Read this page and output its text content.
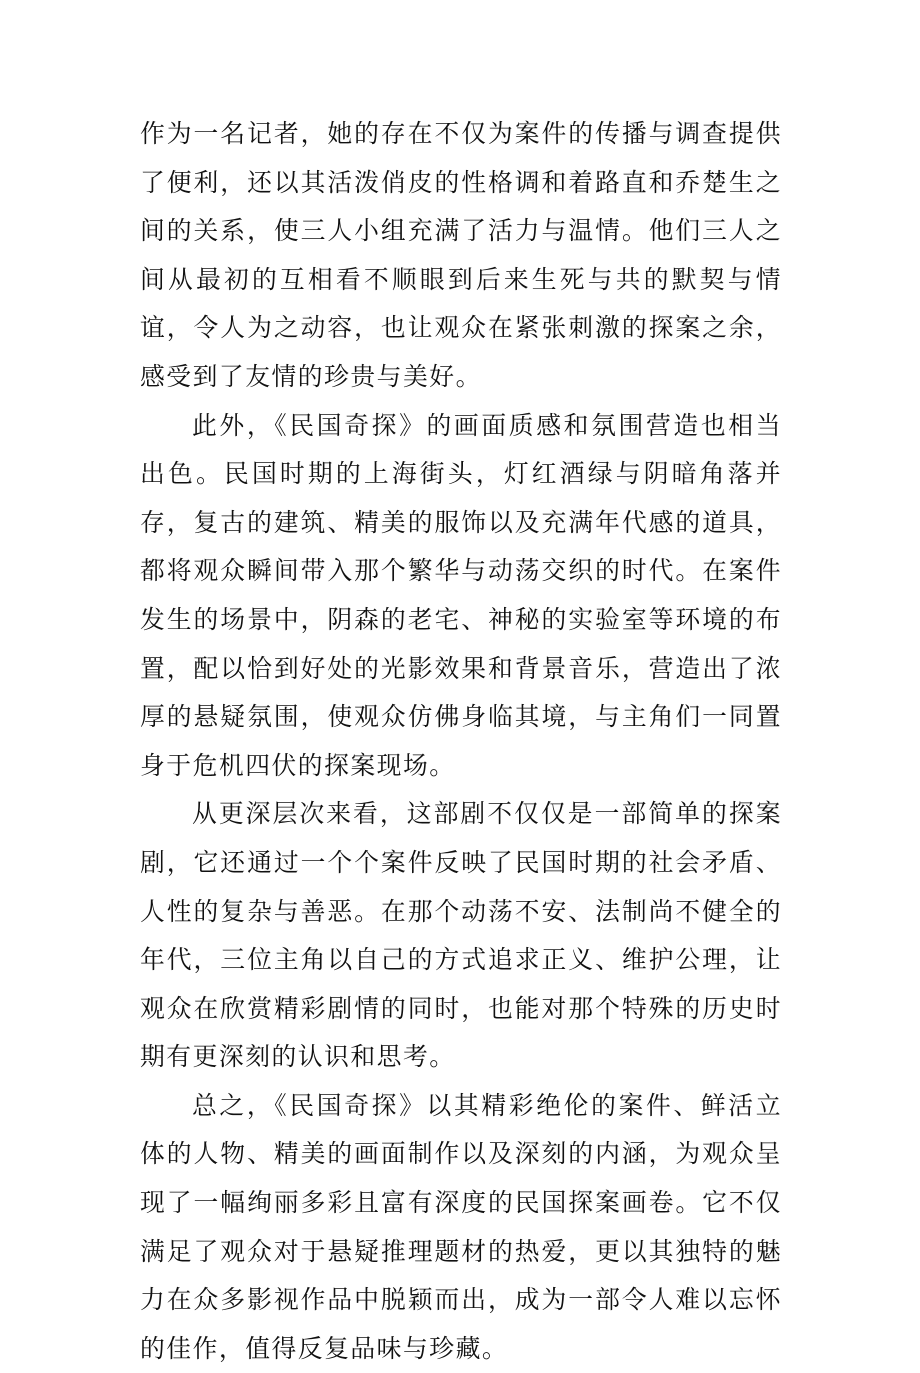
作为一名记者，她的存在不仅为案件的传播与调查提供了便利，还以其活泼俏皮的性格调和着路直和乔楚生之间的关系，使三人小组充满了活力与温情。他们三人之间从最初的互相看不顺眼到后来生死与共的默契与情谊，令人为之动容，也让观众在紧张刺激的探案之余，感受到了友情的珍贵与美好。

此外，《民国奇探》的画面质感和氛围营造也相当出色。民国时期的上海街头，灯红酒绿与阴暗角落并存，复古的建筑、精美的服饰以及充满年代感的道具，都将观众瞬间带入那个繁华与动荡交织的时代。在案件发生的场景中，阴森的老宅、神秘的实验室等环境的布置，配以恰到好处的光影效果和背景音乐，营造出了浓厚的悬疑氛围，使观众仿佛身临其境，与主角们一同置身于危机四伏的探案现场。

从更深层次来看，这部剧不仅仅是一部简单的探案剧，它还通过一个个案件反映了民国时期的社会矛盾、人性的复杂与善恶。在那个动荡不安、法制尚不健全的年代，三位主角以自己的方式追求正义、维护公理，让观众在欣赏精彩剧情的同时，也能对那个特殊的历史时期有更深刻的认识和思考。

总之，《民国奇探》以其精彩绝伦的案件、鲜活立体的人物、精美的画面制作以及深刻的内涵，为观众呈现了一幅绚丽多彩且富有深度的民国探案画卷。它不仅满足了观众对于悬疑推理题材的热爱，更以其独特的魅力在众多影视作品中脱颖而出，成为一部令人难以忘怀的佳作，值得反复品味与珍藏。
